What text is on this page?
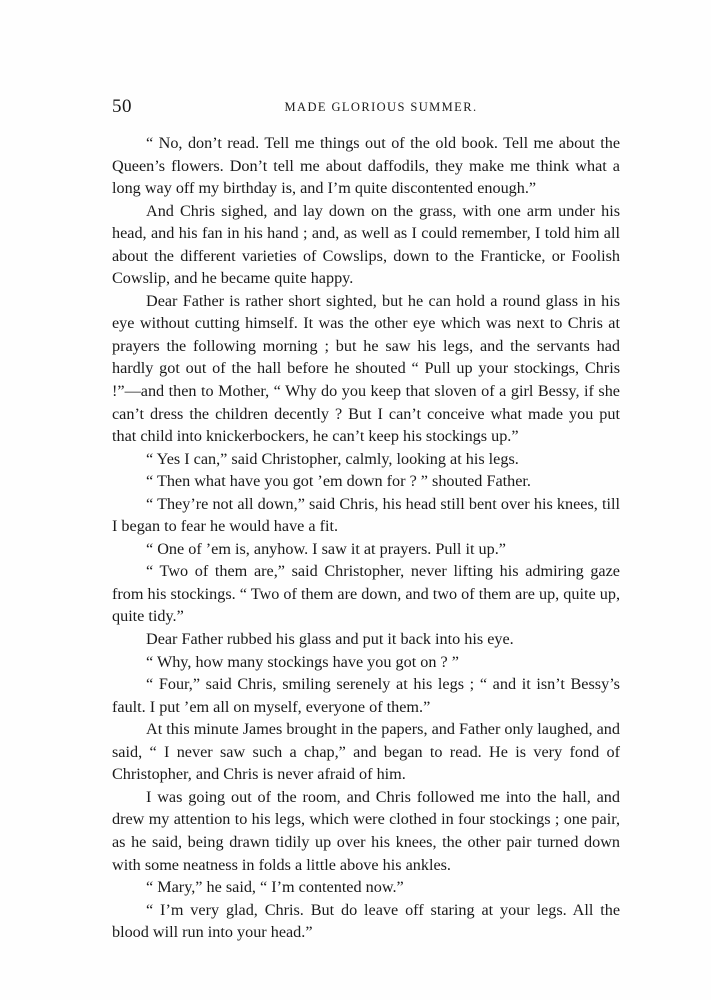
50	MADE GLORIOUS SUMMER.

“ No, don’t read. Tell me things out of the old book. Tell me about the Queen’s flowers. Don’t tell me about daffodils, they make me think what a long way off my birthday is, and I’m quite discontented enough.”

And Chris sighed, and lay down on the grass, with one arm under his head, and his fan in his hand ; and, as well as I could remember, I told him all about the different varieties of Cowslips, down to the Franticke, or Foolish Cowslip, and he became quite happy.

Dear Father is rather short sighted, but he can hold a round glass in his eye without cutting himself. It was the other eye which was next to Chris at prayers the following morning ; but he saw his legs, and the servants had hardly got out of the hall before he shouted “ Pull up your stockings, Chris !”—and then to Mother, “ Why do you keep that sloven of a girl Bessy, if she can’t dress the children decently ? But I can’t conceive what made you put that child into knickerbockers, he can’t keep his stockings up.”

“ Yes I can,” said Christopher, calmly, looking at his legs.

“ Then what have you got ’em down for ? ” shouted Father.

“ They’re not all down,” said Chris, his head still bent over his knees, till I began to fear he would have a fit.

“ One of ’em is, anyhow. I saw it at prayers. Pull it up.”

“ Two of them are,” said Christopher, never lifting his admiring gaze from his stockings. “ Two of them are down, and two of them are up, quite up, quite tidy.”

Dear Father rubbed his glass and put it back into his eye.

“ Why, how many stockings have you got on ? ”

“ Four,” said Chris, smiling serenely at his legs ; “ and it isn’t Bessy’s fault. I put ’em all on myself, everyone of them.”

At this minute James brought in the papers, and Father only laughed, and said, “ I never saw such a chap,” and began to read. He is very fond of Christopher, and Chris is never afraid of him.

I was going out of the room, and Chris followed me into the hall, and drew my attention to his legs, which were clothed in four stockings ; one pair, as he said, being drawn tidily up over his knees, the other pair turned down with some neatness in folds a little above his ankles.

“ Mary,” he said, “ I’m contented now.”

“ I’m very glad, Chris. But do leave off staring at your legs. All the blood will run into your head.”
